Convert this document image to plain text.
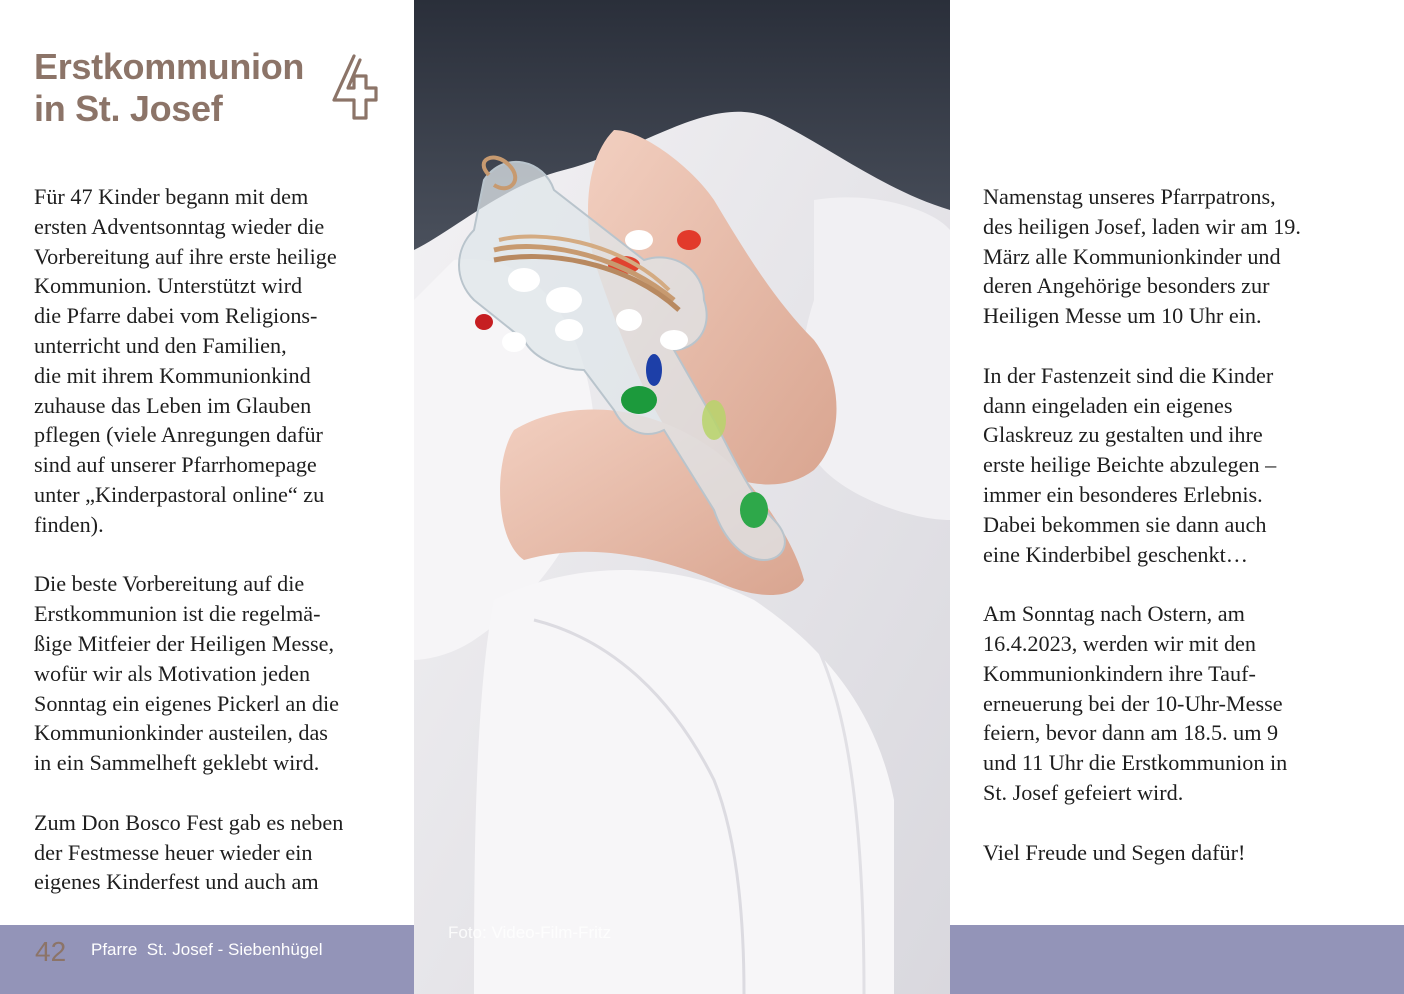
Erstkommunion
in St. Josef

Für 47 Kinder begann mit dem
ersten Adventsonntag wieder die
Vorbereitung auf ihre erste heilige
Kommunion. Unterstützt wird
die Pfarre dabei vom Religions-
unterricht und den Familien,
die mit ihrem Kommunionkind
zuhause das Leben im Glauben
pflegen (viele Anregungen dafür
sind auf unserer Pfarrhomepage
unter „Kinderpastoral online“ zu
finden).

Die beste Vorbereitung auf die
Erstkommunion ist die regelmä-
ßige Mitfeier der Heiligen Messe,
wofür wir als Motivation jeden
Sonntag ein eigenes Pickerl an die
Kommunionkinder austeilen, das
in ein Sammelheft geklebt wird.

Zum Don Bosco Fest gab es neben
der Festmesse heuer wieder ein
eigenes Kinderfest und auch am

Foto: Video-Film-Fritz

Namenstag unseres Pfarrpatrons,
des heiligen Josef, laden wir am 19.
März alle Kommunionkinder und
deren Angehörige besonders zur
Heiligen Messe um 10 Uhr ein.

In der Fastenzeit sind die Kinder
dann eingeladen ein eigenes
Glaskreuz zu gestalten und ihre
erste heilige Beichte abzulegen –
immer ein besonderes Erlebnis.
Dabei bekommen sie dann auch
eine Kinderbibel geschenkt…

Am Sonntag nach Ostern, am
16.4.2023, werden wir mit den
Kommunionkindern ihre Tauf-
erneuerung bei der 10-Uhr-Messe
feiern, bevor dann am 18.5. um 9
und 11 Uhr die Erstkommunion in
St. Josef gefeiert wird.

Viel Freude und Segen dafür!

42 Pfarre  St. Josef - Siebenhügel
